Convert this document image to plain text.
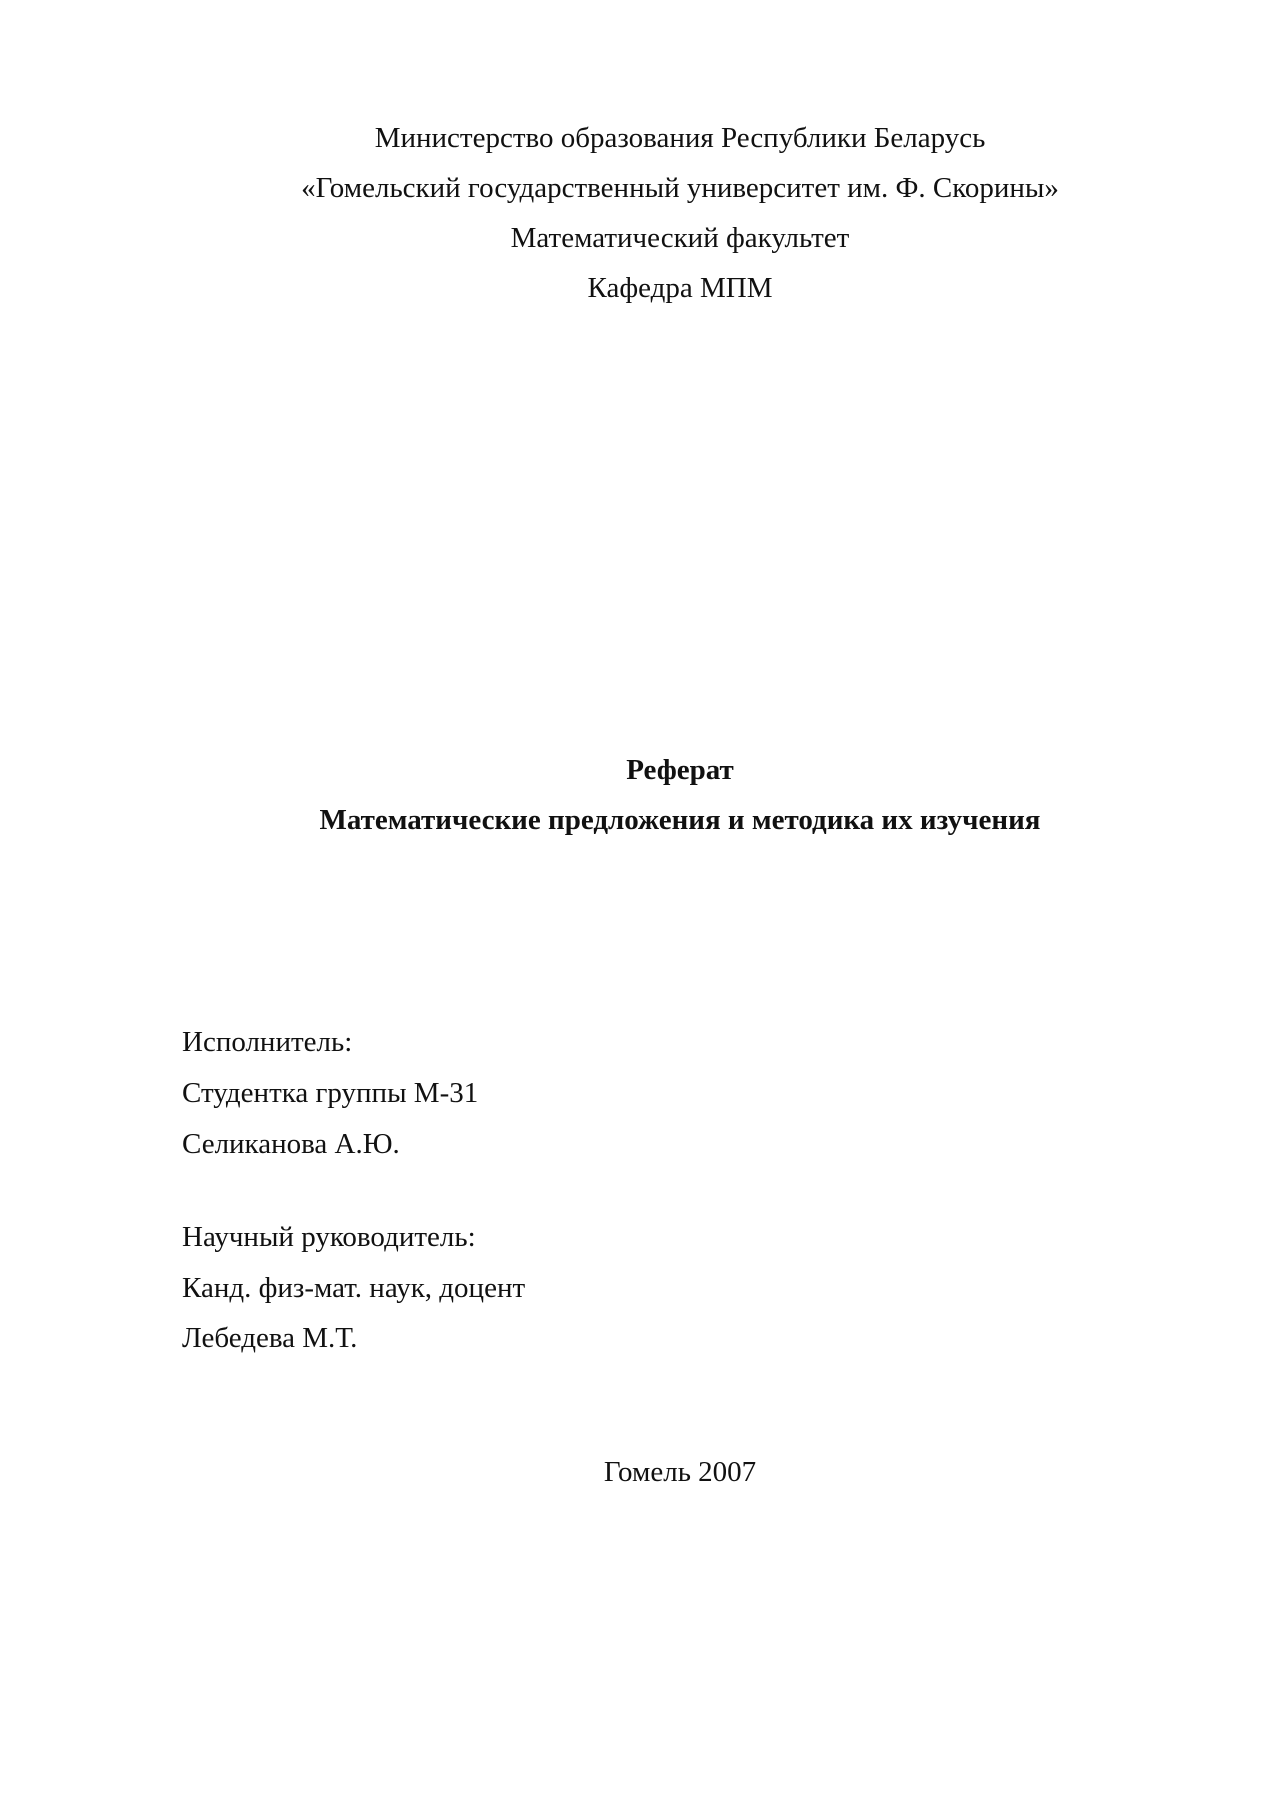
Министерство образования Республики Беларусь
«Гомельский государственный университет им. Ф. Скорины»
Математический факультет
Кафедра МПМ
Реферат
Математические предложения и методика их изучения
Исполнитель:
Студентка группы М-31
Селиканова А.Ю.
Научный руководитель:
Канд. физ-мат. наук, доцент
Лебедева М.Т.
Гомель 2007
